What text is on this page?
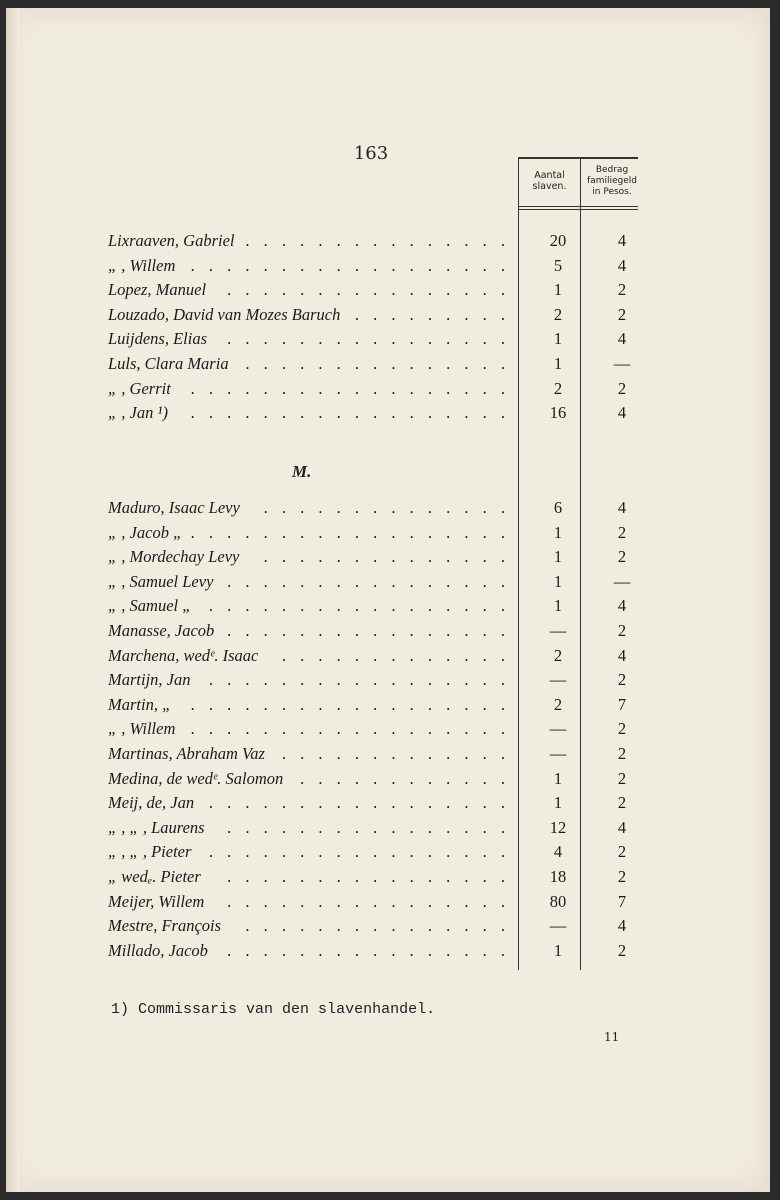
163
Aantal
slaven.
Bedrag
familiegeld
in Pesos.
M.
Lixraaven, Gabriel . . . . . . . . . . . . . . .	20	4
„ , Willem . . . . . . . . . . . . . . . . . .	5	4
Lopez, Manuel . . . . . . . . . . . . . . . .	1	2
Louzado, David van Mozes Baruch . . . . . . . . .	2	2
Luijdens, Elias . . . . . . . . . . . . . . . .	1	4
Luls, Clara Maria . . . . . . . . . . . . . . .	1	—
„ , Gerrit . . . . . . . . . . . . . . . . . .	2	2
„ , Jan ¹) . . . . . . . . . . . . . . . . . .	16	4
Maduro, Isaac Levy . . . . . . . . . . . . . .	6	4
„ , Jacob „ . . . . . . . . . . . . . . . . . .	1	2
„ , Mordechay Levy . . . . . . . . . . . . . .	1	2
„ , Samuel Levy . . . . . . . . . . . . . . . .	1	—
„ , Samuel „ . . . . . . . . . . . . . . . . .	1	4
Manasse, Jacob . . . . . . . . . . . . . . . .	—	2
Marchena, wedᵉ. Isaac . . . . . . . . . . . . .	2	4
Martijn, Jan . . . . . . . . . . . . . . . . .	—	2
Martin, „ . . . . . . . . . . . . . . . . . .	2	7
„ , Willem . . . . . . . . . . . . . . . . . .	—	2
Martinas, Abraham Vaz . . . . . . . . . . . . .	—	2
Medina, de wedᵉ. Salomon . . . . . . . . . . . .	1	2
Meij, de, Jan . . . . . . . . . . . . . . . . .	1	2
„ , „ , Laurens . . . . . . . . . . . . . . . .	12	4
„ , „ , Pieter . . . . . . . . . . . . . . . . .	4	2
„ wedₑ. Pieter . . . . . . . . . . . . . . . .	18	2
Meijer, Willem . . . . . . . . . . . . . . . .	80	7
Mestre, François . . . . . . . . . . . . . . .	—	4
Millado, Jacob . . . . . . . . . . . . . . . .	1	2
1) Commissaris van den slavenhandel.
11
